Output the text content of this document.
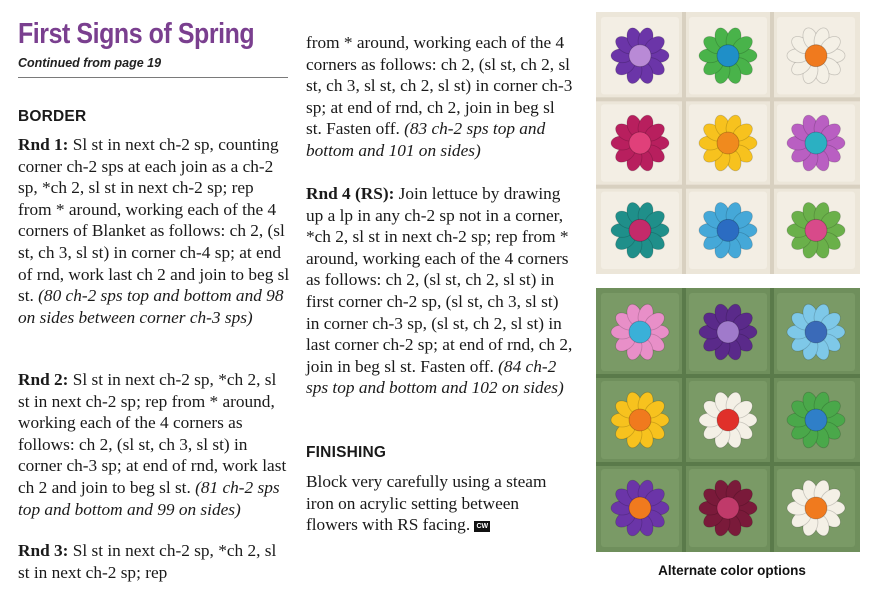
First Signs of Spring
Continued from page 19
BORDER

Rnd 1: Sl st in next ch-2 sp, counting corner ch-2 sps at each join as a ch-2 sp, *ch 2, sl st in next ch-2 sp; rep from * around, working each of the 4 corners of Blanket as follows: ch 2, (sl st, ch 3, sl st) in corner ch-4 sp; at end of rnd, work last ch 2 and join to beg sl st. (80 ch-2 sps top and bottom and 98 on sides between corner ch-3 sps)

Rnd 2: Sl st in next ch-2 sp, *ch 2, sl st in next ch-2 sp; rep from * around, working each of the 4 corners as follows: ch 2, (sl st, ch 3, sl st) in corner ch-3 sp; at end of rnd, work last ch 2 and join to beg sl st. (81 ch-2 sps top and bottom and 99 on sides)

Rnd 3: Sl st in next ch-2 sp, *ch 2, sl st in next ch-2 sp; rep

from * around, working each of the 4 corners as follows: ch 2, (sl st, ch 2, sl st, ch 3, sl st, ch 2, sl st) in corner ch-3 sp; at end of rnd, ch 2, join in beg sl st. Fasten off. (83 ch-2 sps top and bottom and 101 on sides)

Rnd 4 (RS): Join lettuce by drawing up a lp in any ch-2 sp not in a corner, *ch 2, sl st in next ch-2 sp; rep from * around, working each of the 4 corners as follows: ch 2, (sl st, ch 2, sl st) in first corner ch-2 sp, (sl st, ch 3, sl st) in corner ch-3 sp, (sl st, ch 2, sl st) in last corner ch-2 sp; at end of rnd, ch 2, join in beg sl st. Fasten off. (84 ch-2 sps top and bottom and 102 on sides)

FINISHING

Block very carefully using a steam iron on acrylic setting between flowers with RS facing. CW

Alternate color options
